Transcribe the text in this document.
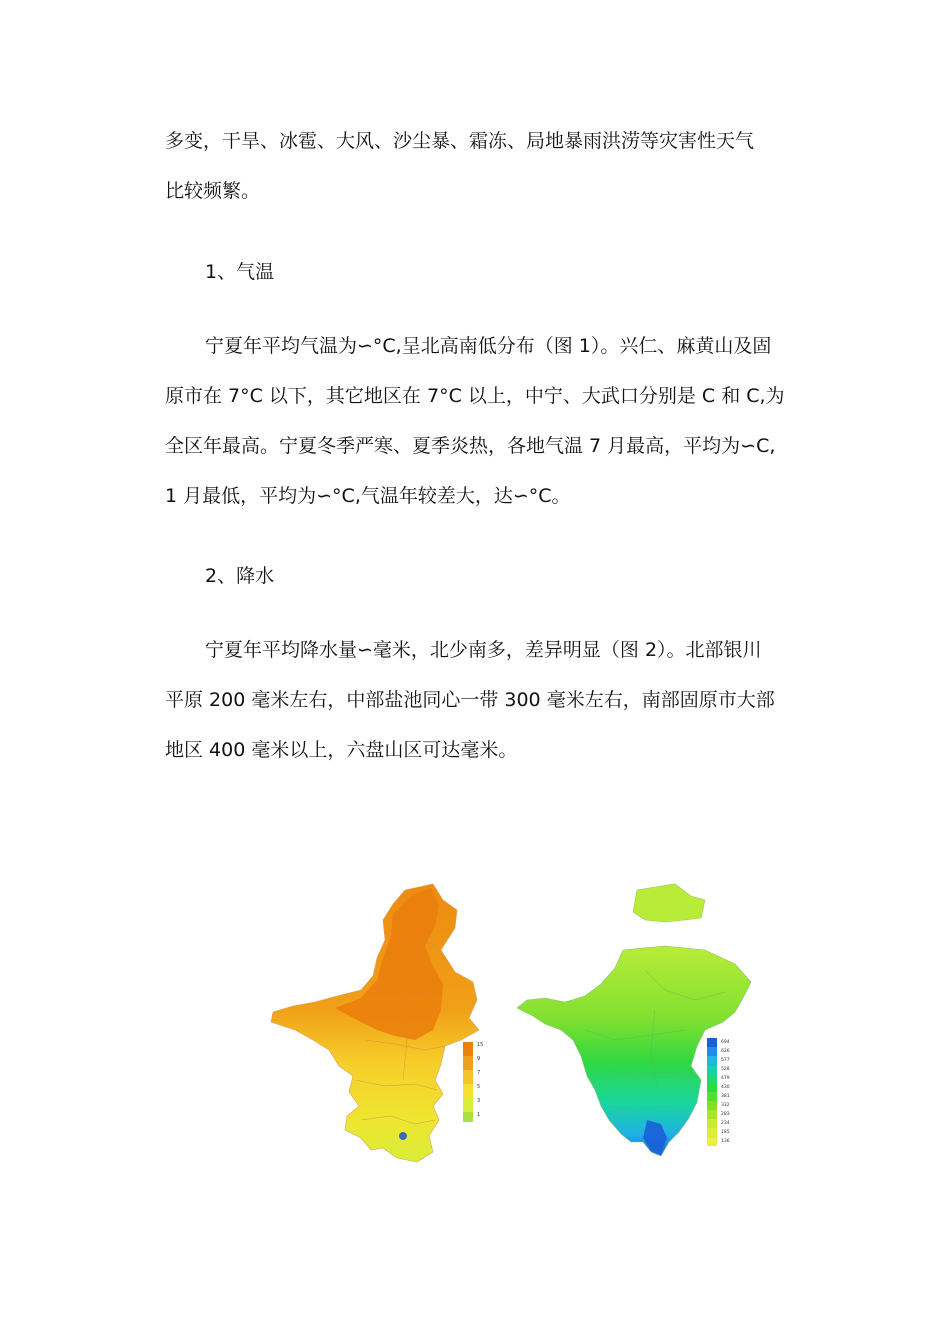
多变，干旱、冰雹、大风、沙尘暴、霜冻、局地暴雨洪涝等灾害性天气
比较频繁。
1、气温
宁夏年平均气温为∽°C,呈北高南低分布（图 1）。兴仁、麻黄山及固
原市在 7°C 以下，其它地区在 7°C 以上，中宁、大武口分别是 C 和 C,为
全区年最高。宁夏冬季严寒、夏季炎热，各地气温 7 月最高，平均为∽C,
1 月最低，平均为∽°C,气温年较差大，达∽°C。
2、降水
宁夏年平均降水量∽毫米，北少南多，差异明显（图 2）。北部银川
平原 200 毫米左右，中部盐池同心一带 300 毫米左右，南部固原市大部
地区 400 毫米以上，六盘山区可达毫米。
15
9
7
5
3
1
694
626
577
528
479
430
381
332
283
234
185
136
